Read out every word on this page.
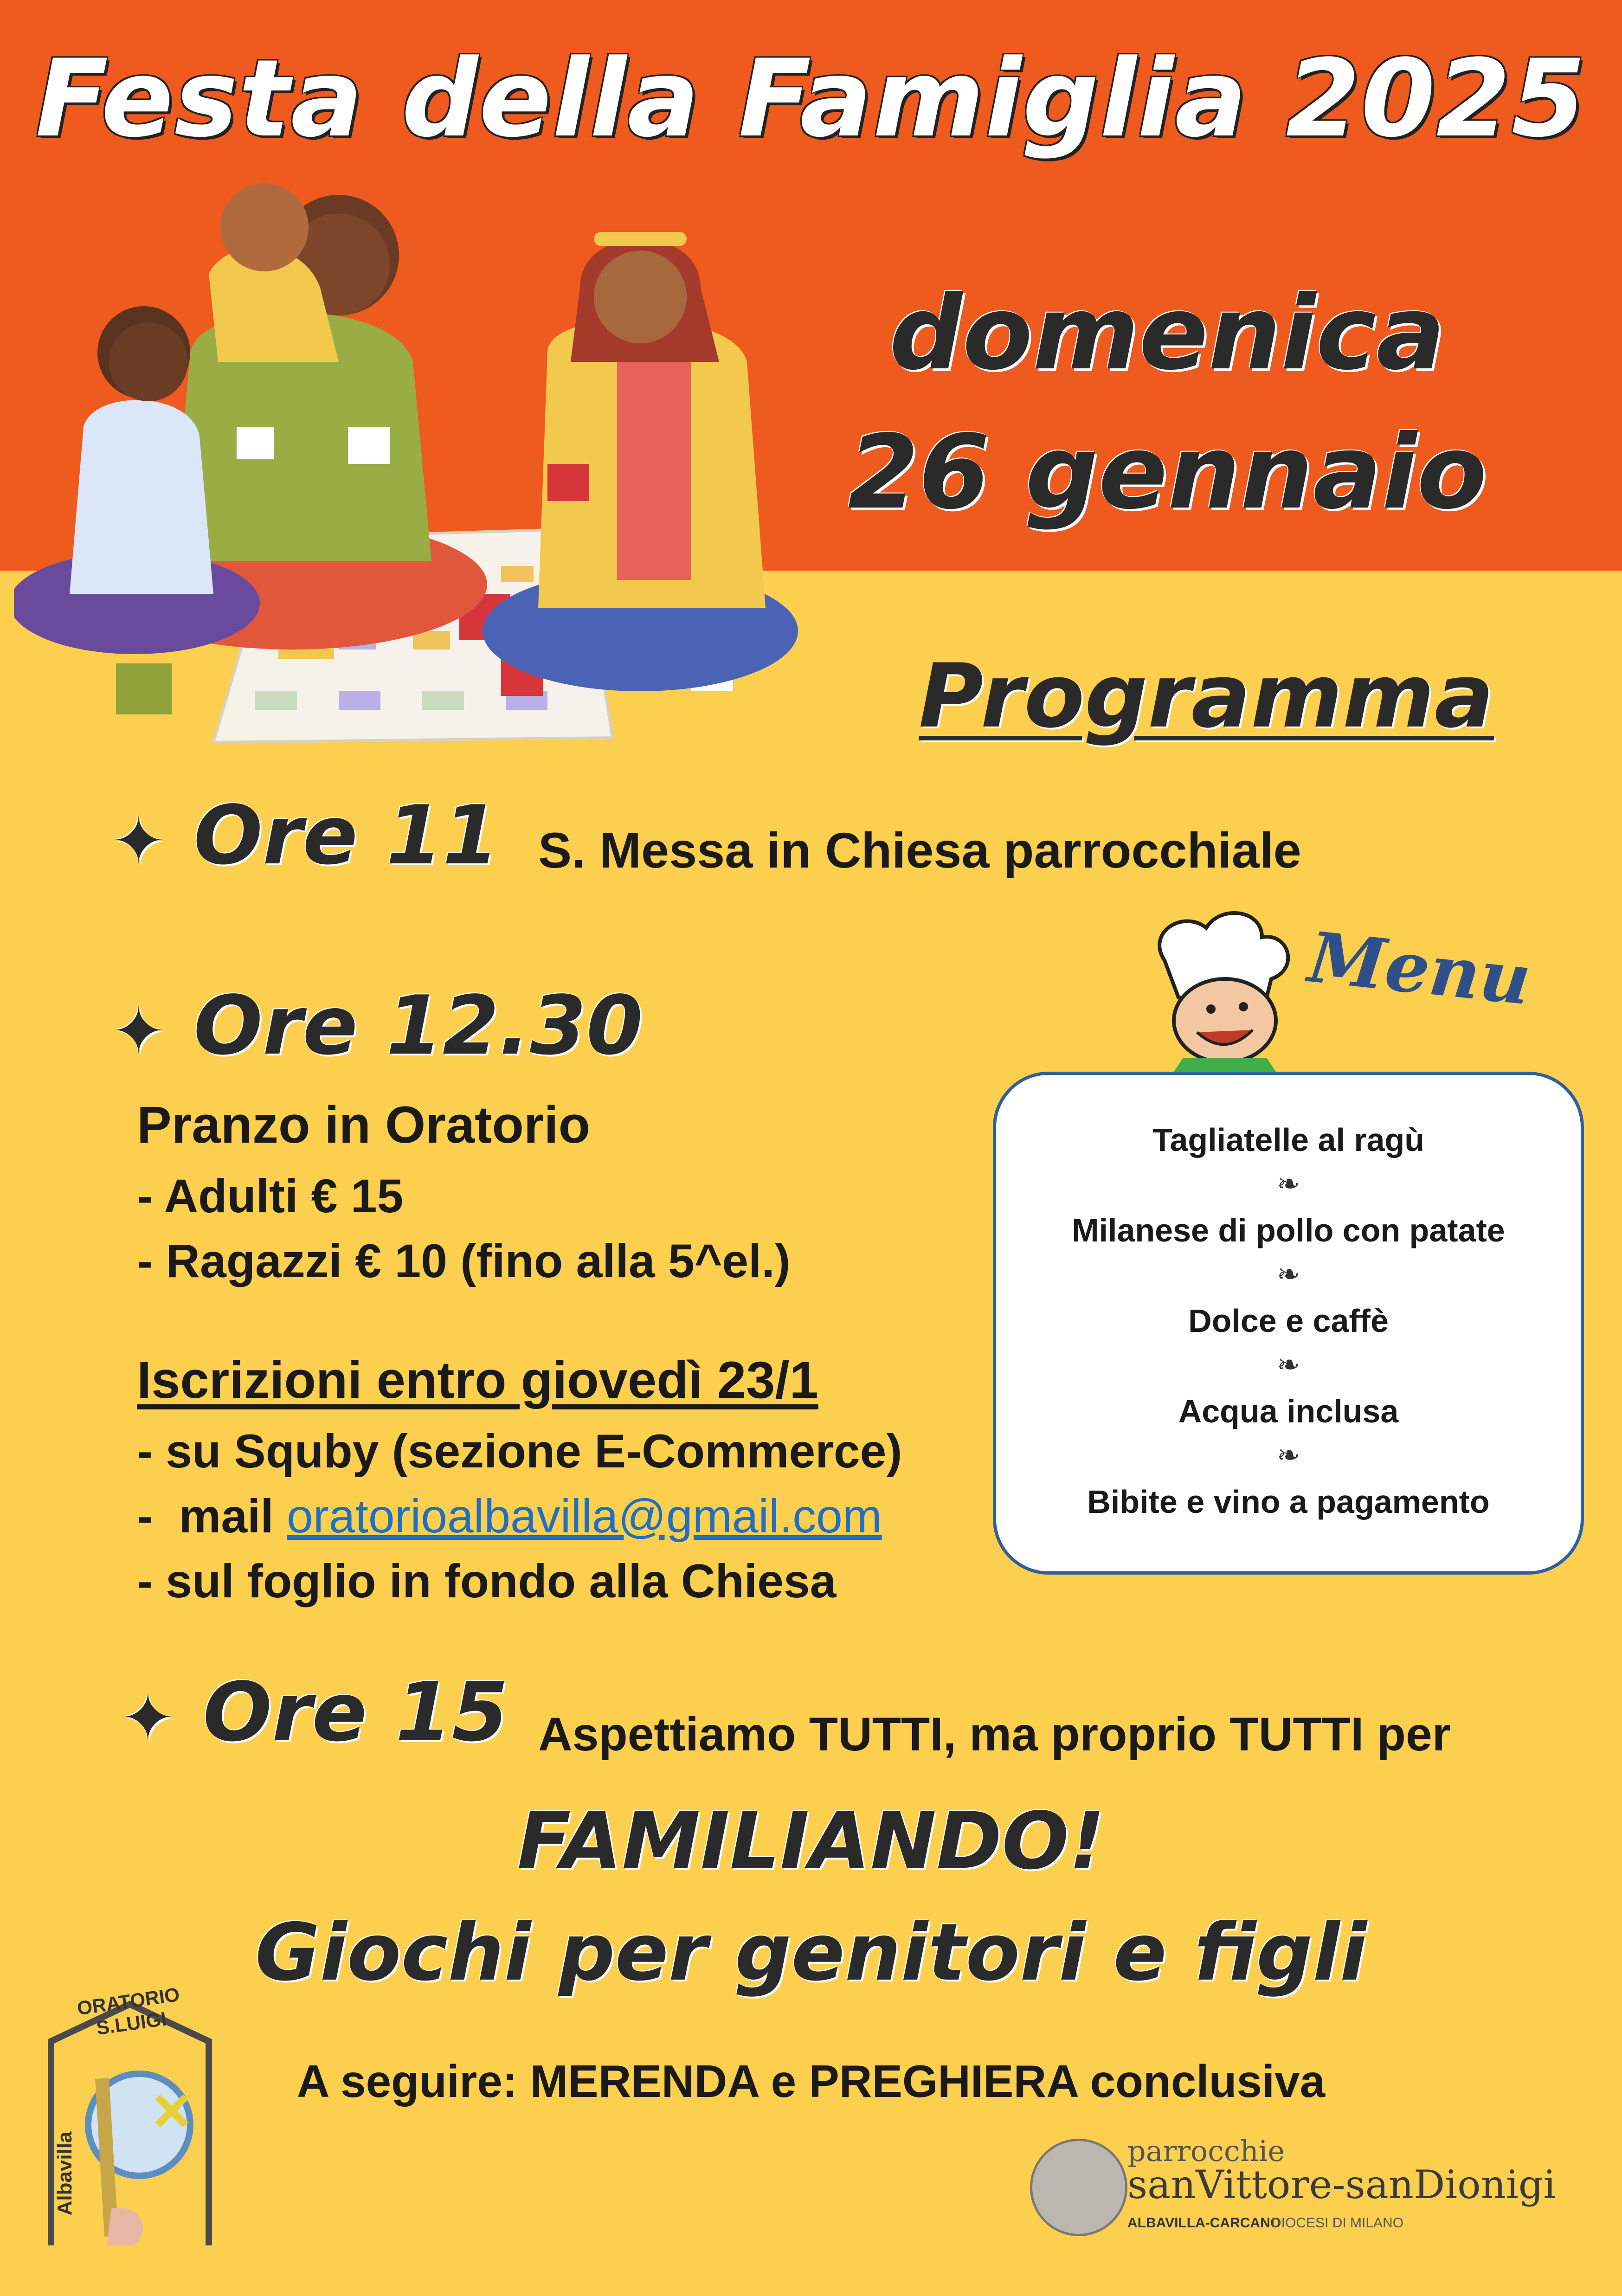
Festa della Famiglia 2025
domenica
26 gennaio
Programma
✦ Ore 11 S. Messa in Chiesa parrocchiale
Menu
✦ Ore 12.30
Pranzo in Oratorio
- Adulti € 15
- Ragazzi € 10 (fino alla 5^el.)
Iscrizioni entro giovedì 23/1
- su Squby (sezione E-Commerce)
-  mail oratorioalbavilla@gmail.com
- sul foglio in fondo alla Chiesa
Tagliatelle al ragù
❧
Milanese di pollo con patate
❧
Dolce e caffè
❧
Acqua inclusa
❧
Bibite e vino a pagamento
✦ Ore 15 Aspettiamo TUTTI, ma proprio TUTTI per
FAMILIANDO!
Giochi per genitori e figli
A seguire: MERENDA e PREGHIERA conclusiva
ORATORIO S.LUIGI
Albavilla	parrocchie
sanVittore-sanDionigi
ALBAVILLA-CARCANO
DIOCESI DI MILANO
